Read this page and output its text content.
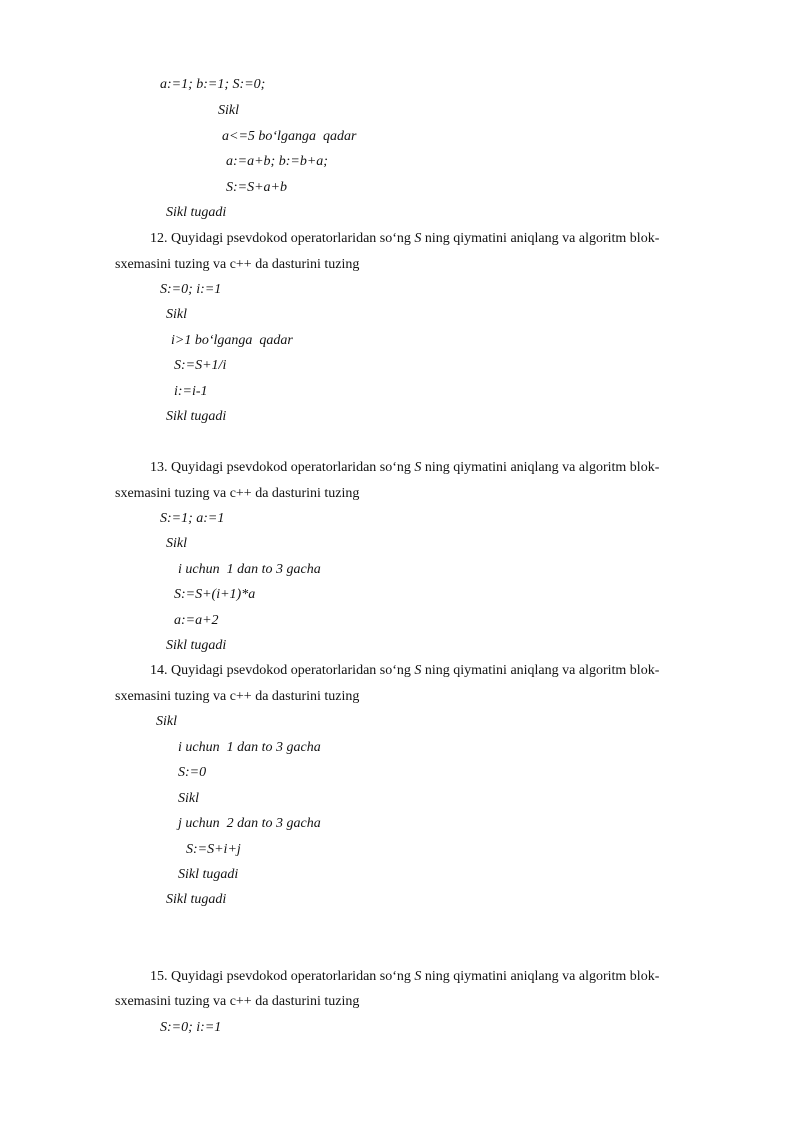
a:=1; b:=1; S:=0;
Sikl
a<=5 bo‘lganga  qadar
a:=a+b; b:=b+a;
S:=S+a+b
Sikl tugadi
12. Quyidagi psevdokod operatorlaridan so‘ng S ning qiymatini aniqlang va algoritm blok-
sxemasini tuzing va c++ da dasturini tuzing
S:=0; i:=1
Sikl
i>1 bo‘lganga  qadar
S:=S+1/i
i:=i-1
Sikl tugadi
13. Quyidagi psevdokod operatorlaridan so‘ng S ning qiymatini aniqlang va algoritm blok-
sxemasini tuzing va c++ da dasturini tuzing
S:=1; a:=1
Sikl
i uchun  1 dan to 3 gacha
S:=S+(i+1)*a
a:=a+2
Sikl tugadi
14. Quyidagi psevdokod operatorlaridan so‘ng S ning qiymatini aniqlang va algoritm blok-
sxemasini tuzing va c++ da dasturini tuzing
Sikl
i uchun  1 dan to 3 gacha
S:=0
Sikl
j uchun  2 dan to 3 gacha
S:=S+i+j
Sikl tugadi
Sikl tugadi
15. Quyidagi psevdokod operatorlaridan so‘ng S ning qiymatini aniqlang va algoritm blok-
sxemasini tuzing va c++ da dasturini tuzing
S:=0; i:=1
